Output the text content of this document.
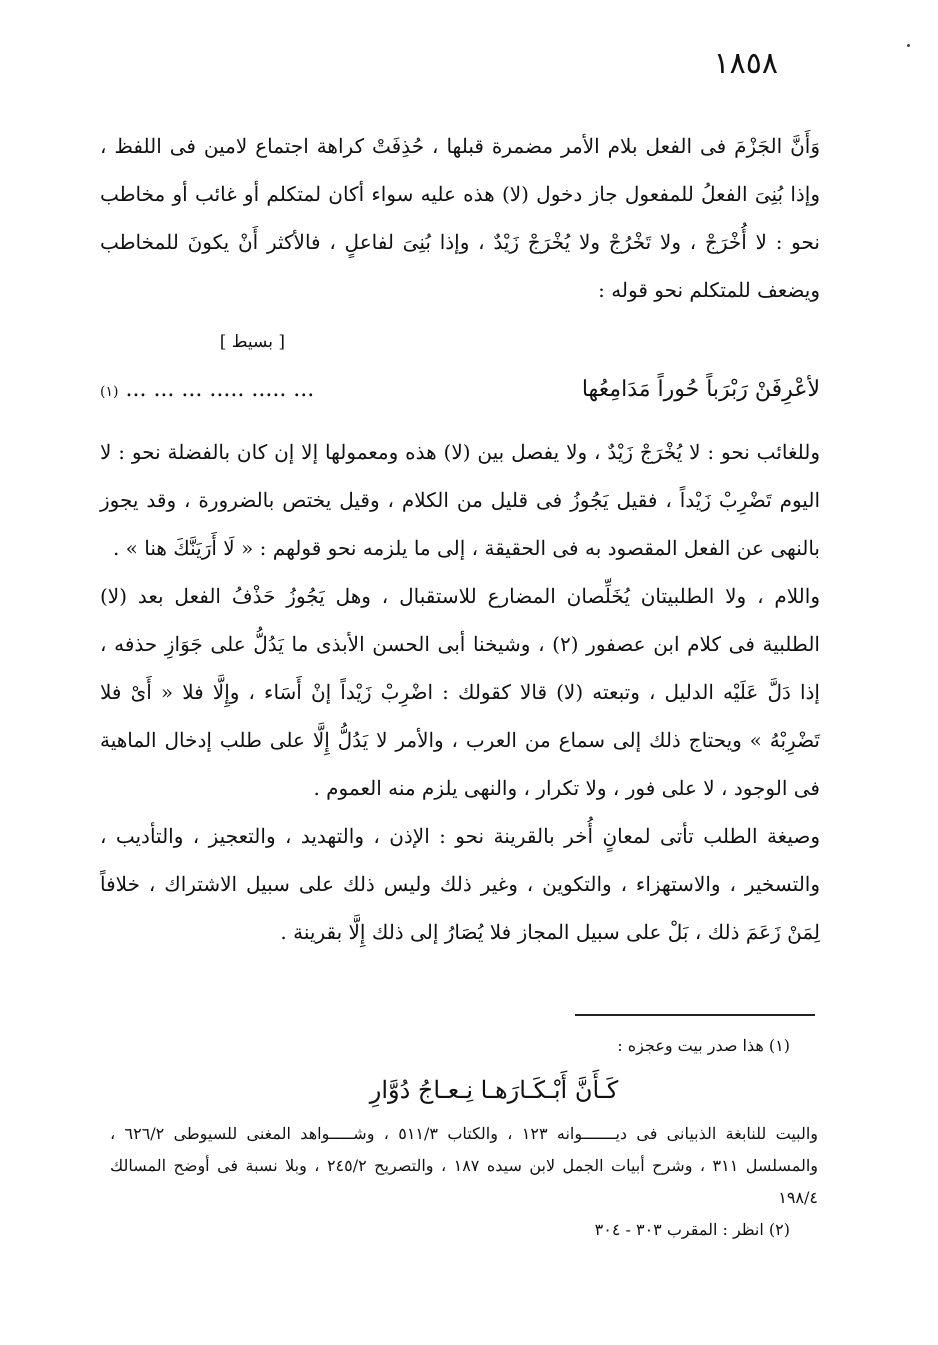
١٨٥٨

وَأَنَّ الجَزْمَ فى الفعل بلام الأمر مضمرة قبلها ، حُذِفَتْ كراهة اجتماع لامين فى اللفظ ، وإذا بُنِىَ الفعلُ للمفعول جاز دخول (لا) هذه عليه سواء أكان لمتكلم أو غائب أو مخاطب نحو : لا أُخْرَجْ ، ولا تَخْرُجْ ولا يُخْرَجْ زَيْدٌ ، وإذا بُنِىَ لفاعلٍ ، فالأكثر أَنْ يكونَ للمخاطب ويضعف للمتكلم نحو قوله :

[ بسيط ]
لأعْرِفَنْ رَبْرَباً حُوراً مَدَامِعُها
... ..... ..... ... ... ... (١)

وللغائب نحو : لا يُخْرَجْ زَيْدٌ ، ولا يفصل بين (لا) هذه ومعمولها إلا إن كان بالفضلة نحو : لا اليوم تَضْرِبْ زَيْداً ، فقيل يَجُوزُ فى قليل من الكلام ، وقيل يختص بالضرورة ، وقد يجوز بالنهى عن الفعل المقصود به فى الحقيقة ، إلى ما يلزمه نحو قولهم : « لَا أَرَيَنَّكَ هنا » .

واللام ، ولا الطلبيتان يُخَلِّصان المضارع للاستقبال ، وهل يَجُوزُ حَذْفُ الفعل بعد (لا) الطلبية فى كلام ابن عصفور (٢) ، وشيخنا أبى الحسن الأبذى ما يَدُلُّ على جَوَازِ حذفه ، إذا دَلَّ عَلَيْه الدليل ، وتبعته (لا) قالا كقولك : اضْرِبْ زَيْداً إنْ أَسَاء ، وإِلَّا فلا « أَىْ فلا تَضْرِبْهُ » ويحتاج ذلك إلى سماع من العرب ، والأمر لا يَدُلُّ إِلَّا على طلب إدخال الماهية فى الوجود ، لا على فور ، ولا تكرار ، والنهى يلزم منه العموم .

وصيغة الطلب تأتى لمعانٍ أُخر بالقرينة نحو : الإذن ، والتهديد ، والتعجيز ، والتأديب ، والتسخير ، والاستهزاء ، والتكوين ، وغير ذلك وليس ذلك على سبيل الاشتراك ، خلافاً لِمَنْ زَعَمَ ذلك ، بَلْ على سبيل المجاز فلا يُصَارُ إلى ذلك إِلَّا بقرينة .

(١) هذا صدر بيت وعجزه :

كَـأَنَّ أَبْـكَـارَهـا نِـعـاجُ دُوَّارِ

والبيت للنابغة الذبيانى فى ديـــــــوانه ١٢٣ ، والكتاب ٥١١/٣ ، وشـــــواهد المغنى للسيوطى ٦٢٦/٢ ، والمسلسل ٣١١ ، وشرح أبيات الجمل لابن سيده ١٨٧ ، والتصريح ٢٤٥/٢ ، وبلا نسبة فى أوضح المسالك ١٩٨/٤

(٢) انظر : المقرب ٣٠٣ - ٣٠٤
